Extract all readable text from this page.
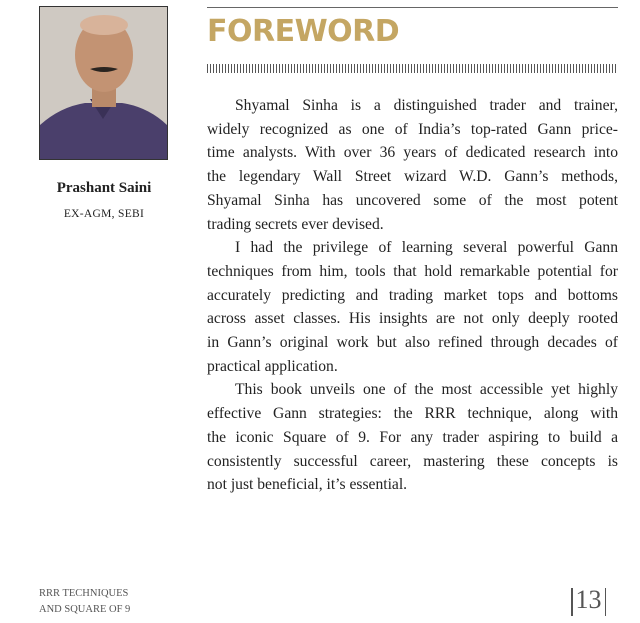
Prashant Saini
EX-AGM, SEBI
FOREWORD
Shyamal Sinha is a distinguished trader and trainer,
widely recognized as one of India’s top-rated Gann price-
time analysts. With over 36 years of dedicated research into
the legendary Wall Street wizard W.D. Gann’s methods,
Shyamal Sinha has uncovered some of the most potent
trading secrets ever devised.
I had the privilege of learning several powerful Gann
techniques from him, tools that hold remarkable potential for
accurately predicting and trading market tops and bottoms
across asset classes. His insights are not only deeply rooted
in Gann’s original work but also refined through decades of
practical application.
This book unveils one of the most accessible yet highly
effective Gann strategies: the RRR technique, along with
the iconic Square of 9. For any trader aspiring to build a
consistently successful career, mastering these concepts is
not just beneficial, it’s essential.
RRR TECHNIQUES
AND SQUARE OF 9	13
